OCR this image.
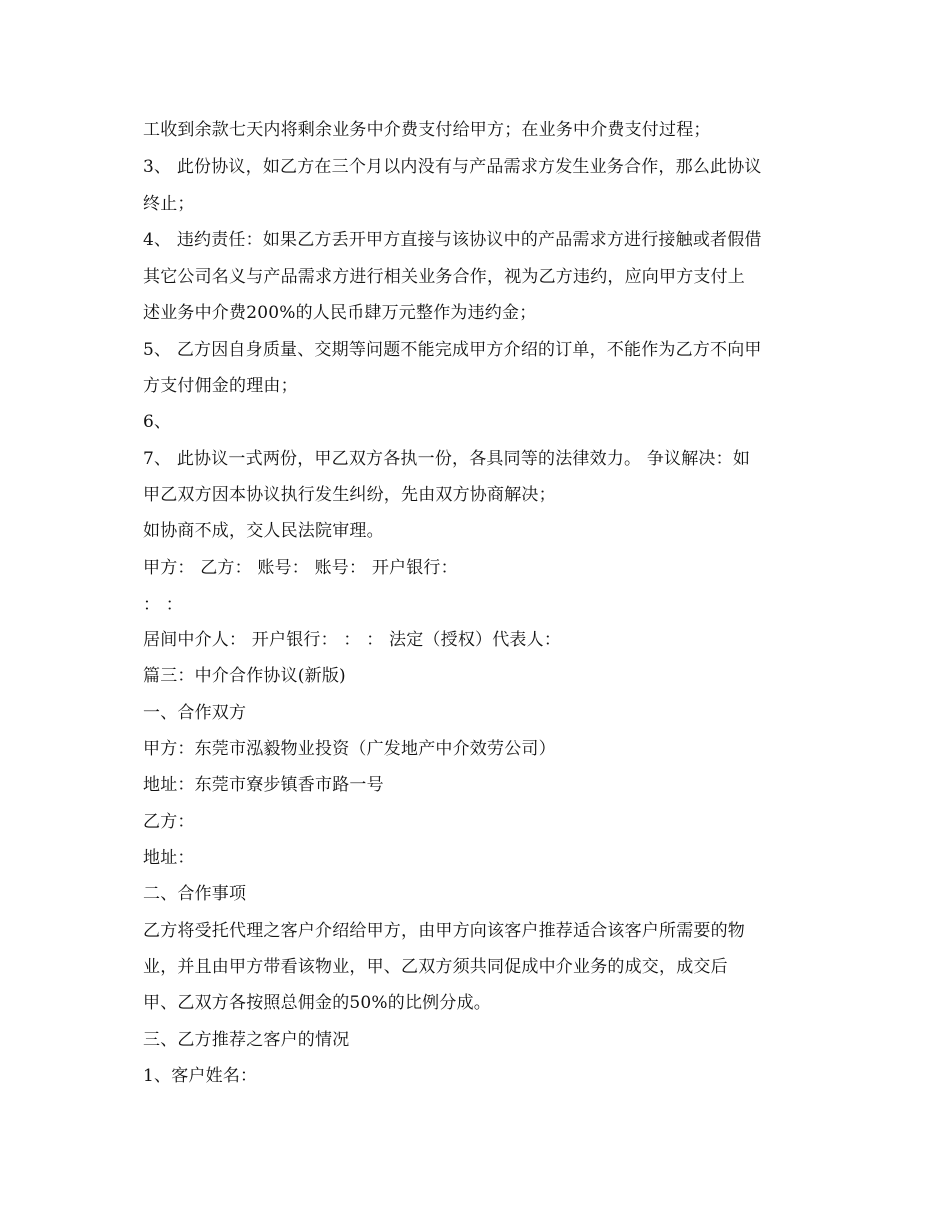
工收到余款七天内将剩余业务中介费支付给甲方；在业务中介费支付过程；

3、 此份协议，如乙方在三个月以内没有与产品需求方发生业务合作，那么此协议

终止；

4、 违约责任：如果乙方丢开甲方直接与该协议中的产品需求方进行接触或者假借

其它公司名义与产品需求方进行相关业务合作，视为乙方违约，应向甲方支付上

述业务中介费200%的人民币肆万元整作为违约金；

5、 乙方因自身质量、交期等问题不能完成甲方介绍的订单，不能作为乙方不向甲

方支付佣金的理由；

6、

7、 此协议一式两份，甲乙双方各执一份，各具同等的法律效力。 争议解决：如

甲乙双方因本协议执行发生纠纷，先由双方协商解决；

如协商不成，交人民法院审理。

甲方： 乙方： 账号： 账号： 开户银行：

： ：

居间中介人： 开户银行： ： ： 法定（授权）代表人：

篇三：中介合作协议(新版)

一、合作双方

甲方：东莞市泓毅物业投资（广发地产中介效劳公司）

地址：东莞市寮步镇香市路一号

乙方：

地址：

二、合作事项

乙方将受托代理之客户介绍给甲方，由甲方向该客户推荐适合该客户所需要的物

业，并且由甲方带看该物业，甲、乙双方须共同促成中介业务的成交，成交后

甲、乙双方各按照总佣金的50%的比例分成。

三、乙方推荐之客户的情况

1、客户姓名：
